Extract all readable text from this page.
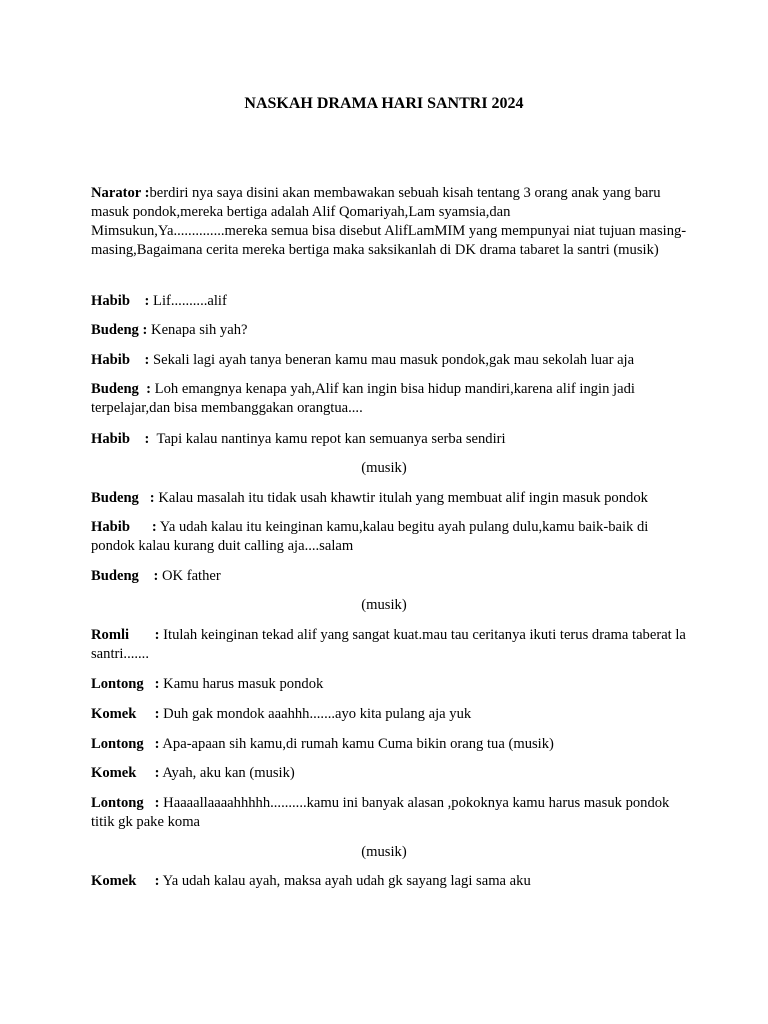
NASKAH DRAMA HARI SANTRI 2024

Narator :berdiri nya saya disini akan membawakan sebuah kisah tentang 3 orang anak yang baru masuk pondok,mereka bertiga adalah Alif Qomariyah,Lam syamsia,dan Mimsukun,Ya..............mereka semua bisa disebut AlifLamMIM yang mempunyai niat tujuan masing-masing,Bagaimana cerita mereka bertiga maka saksikanlah di DK drama tabaret la santri (musik)

Habib    : Lif..........alif

Budeng : Kenapa sih yah?

Habib    : Sekali lagi ayah tanya beneran kamu mau masuk pondok,gak mau sekolah luar aja

Budeng  : Loh emangnya kenapa yah,Alif kan ingin bisa hidup mandiri,karena alif ingin jadi terpelajar,dan bisa membanggakan orangtua....

Habib    :  Tapi kalau nantinya kamu repot kan semuanya serba sendiri

(musik)

Budeng   : Kalau masalah itu tidak usah khawtir itulah yang membuat alif ingin masuk pondok

Habib      : Ya udah kalau itu keinginan kamu,kalau begitu ayah pulang dulu,kamu baik-baik di pondok kalau kurang duit calling aja....salam

Budeng    : OK father

(musik)

Romli       : Itulah keinginan tekad alif yang sangat kuat.mau tau ceritanya ikuti terus drama taberat la santri.......

Lontong   : Kamu harus masuk pondok

Komek     : Duh gak mondok aaahhh.......ayo kita pulang aja yuk

Lontong   : Apa-apaan sih kamu,di rumah kamu Cuma bikin orang tua (musik)

Komek     : Ayah, aku kan (musik)

Lontong   : Haaaallaaaahhhhh..........kamu ini banyak alasan ,pokoknya kamu harus masuk pondok titik gk pake koma

(musik)

Komek     : Ya udah kalau ayah, maksa ayah udah gk sayang lagi sama aku
